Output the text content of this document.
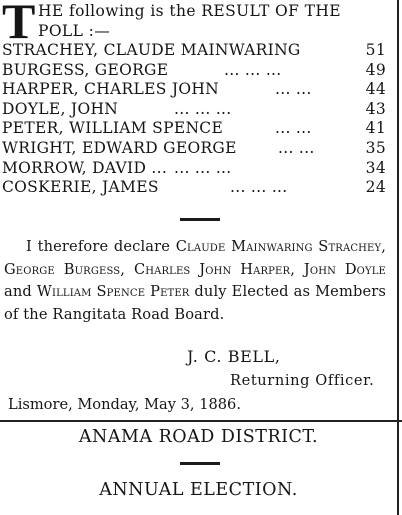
T HE following is the RESULT OF THE
POLL :—
STRACHEY, CLAUDE MAINWARING	51
BURGESS, GEORGE	... ... ...	49
HARPER, CHARLES JOHN	... ...	44
DOYLE, JOHN	... ... ...	43
PETER, WILLIAM SPENCE	... ...	41
WRIGHT, EDWARD GEORGE	... ...	35
MORROW, DAVID ... ... ... ...	34
COSKERIE, JAMES	... ... ...	24

I therefore declare Claude Mainwaring Strachey, George Burgess, Charles John Harper, John Doyle and William Spence Peter duly Elected as Members of the Rangitata Road Board.

J. C. BELL,
Returning Officer.
Lismore, Monday, May 3, 1886.
ANAMA ROAD DISTRICT.
ANNUAL ELECTION.
